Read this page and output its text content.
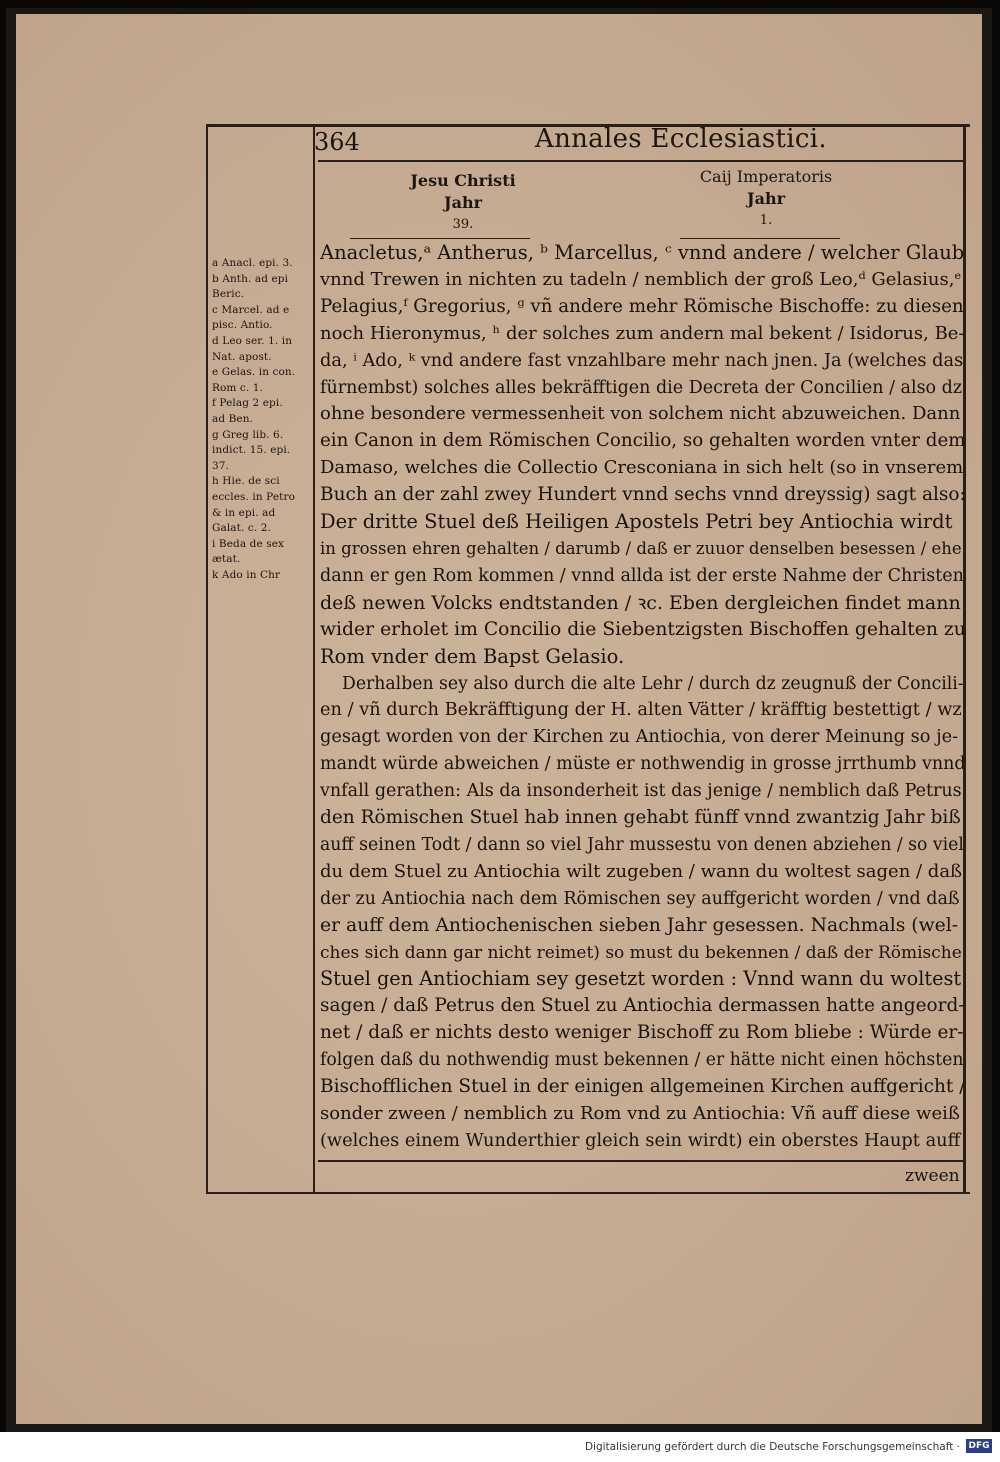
364	Annales Ecclesiastici.

Jesu Christi
Jahr
39.
Caij Imperatoris
Jahr
1.
a Anacl. epi. 3.
b Anth. ad epi
Beric.
c Marcel. ad e
pisc. Antio.
d Leo ser. 1. in
Nat. apost.
e Gelas. in con.
Rom c. 1.
f Pelag 2 epi.
ad Ben.
g Greg lib. 6.
indict. 15. epi.
37.
h Hie. de sci
eccles. in Petro
& in epi. ad
Galat. c. 2.
i Beda de sex
ætat.
k Ado in Chr
Anacletus,ᵃ Antherus, ᵇ Marcellus, ᶜ vnnd andere / welcher Glaub
vnnd Trewen in nichten zu tadeln / nemblich der groß Leo,ᵈ Gelasius,ᵉ
Pelagius,ᶠ Gregorius, ᵍ vñ andere mehr Römische Bischoffe: zu diesen
noch Hieronymus, ʰ der solches zum andern mal bekent / Isidorus, Be-
da, ⁱ Ado, ᵏ vnd andere fast vnzahlbare mehr nach jnen. Ja (welches das
fürnembst) solches alles bekräfftigen die Decreta der Concilien / also dz
ohne besondere vermessenheit von solchem nicht abzuweichen. Dann
ein Canon in dem Römischen Concilio, so gehalten worden vnter dem
Damaso, welches die Collectio Cresconiana in sich helt (so in vnserem
Buch an der zahl zwey Hundert vnnd sechs vnnd dreyssig) sagt also:
Der dritte Stuel deß Heiligen Apostels Petri bey Antiochia wirdt
in grossen ehren gehalten / darumb / daß er zuuor denselben besessen / ehe
dann er gen Rom kommen / vnnd allda ist der erste Nahme der Christen
deß newen Volcks endtstanden / ꝛc. Eben dergleichen findet mann
wider erholet im Concilio die Siebentzigsten Bischoffen gehalten zu
Rom vnder dem Bapst Gelasio.
Derhalben sey also durch die alte Lehr / durch dz zeugnuß der Concili-
en / vñ durch Bekräfftigung der H. alten Vätter / kräfftig bestettigt / wz
gesagt worden von der Kirchen zu Antiochia, von derer Meinung so je-
mandt würde abweichen / müste er nothwendig in grosse jrrthumb vnnd
vnfall gerathen: Als da insonderheit ist das jenige / nemblich daß Petrus
den Römischen Stuel hab innen gehabt fünff vnnd zwantzig Jahr biß
auff seinen Todt / dann so viel Jahr mussestu von denen abziehen / so viel
du dem Stuel zu Antiochia wilt zugeben / wann du woltest sagen / daß
der zu Antiochia nach dem Römischen sey auffgericht worden / vnd daß
er auff dem Antiochenischen sieben Jahr gesessen. Nachmals (wel-
ches sich dann gar nicht reimet) so must du bekennen / daß der Römische
Stuel gen Antiochiam sey gesetzt worden : Vnnd wann du woltest
sagen / daß Petrus den Stuel zu Antiochia dermassen hatte angeord-
net / daß er nichts desto weniger Bischoff zu Rom bliebe : Würde er-
folgen daß du nothwendig must bekennen / er hätte nicht einen höchsten
Bischofflichen Stuel in der einigen allgemeinen Kirchen auffgericht /
sonder zween / nemblich zu Rom vnd zu Antiochia: Vñ auff diese weiß
(welches einem Wunderthier gleich sein wirdt) ein oberstes Haupt auff

zween

Digitalisierung gefördert durch die Deutsche Forschungsgemeinschaft · DFG
